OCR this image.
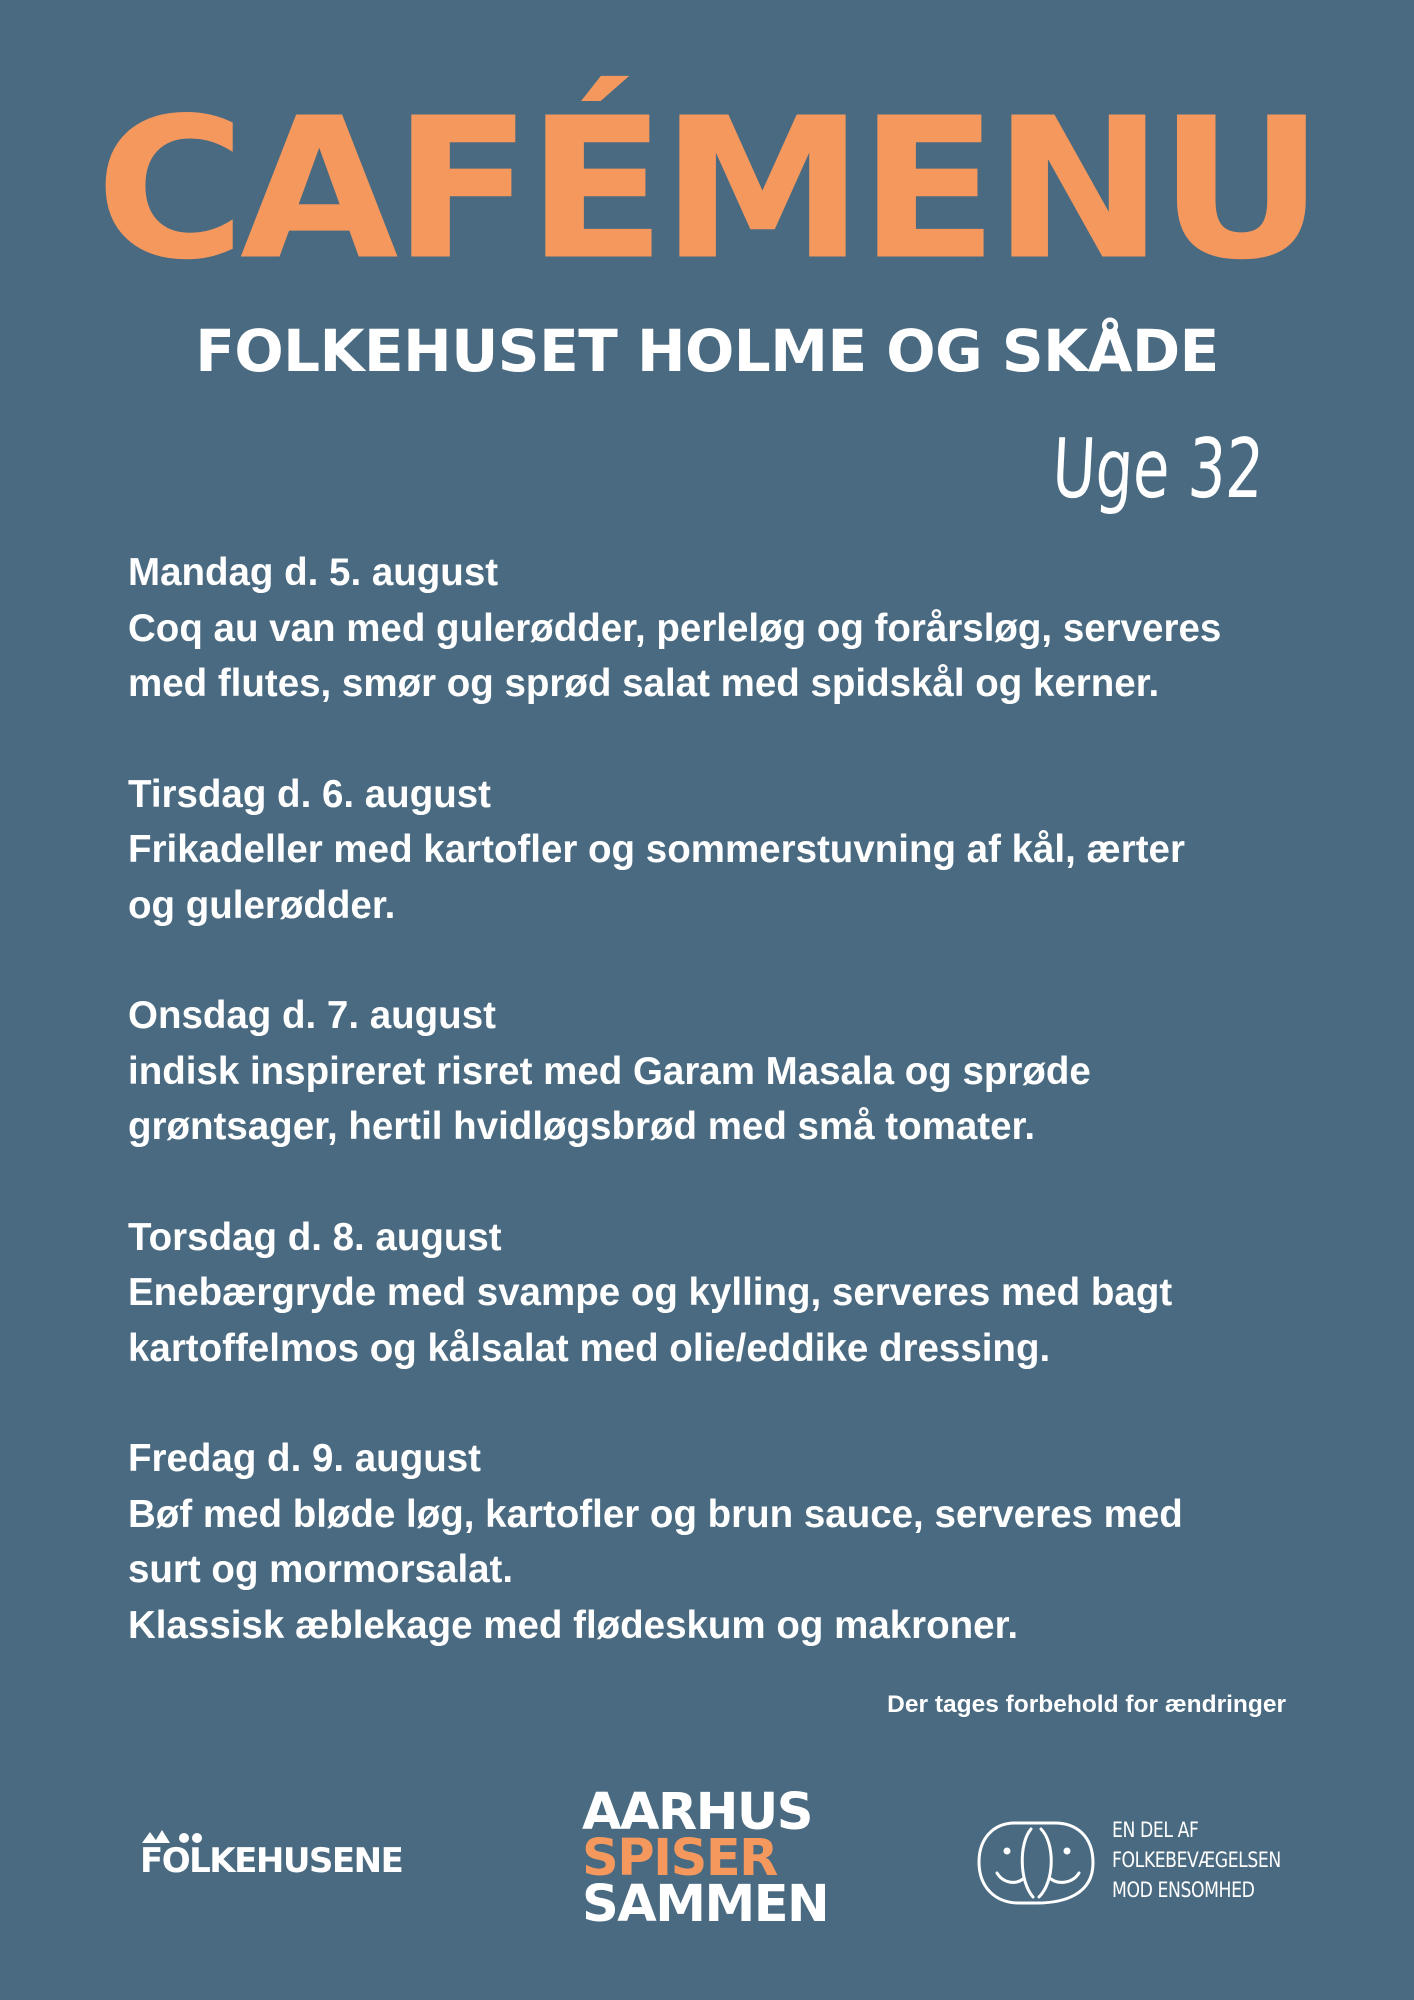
CAFÉMENU
FOLKEHUSET HOLME OG SKÅDE
Uge 32
Mandag d. 5. august
Coq au van med gulerødder, perleløg og forårsløg, serveres
med flutes, smør og sprød salat med spidskål og kerner.
Tirsdag d. 6. august
Frikadeller med kartofler og sommerstuvning af kål, ærter
og gulerødder.
Onsdag d. 7. august
indisk inspireret risret med Garam Masala og sprøde
grøntsager, hertil hvidløgsbrød med små tomater.
Torsdag d. 8. august
Enebærgryde med svampe og kylling, serveres med bagt
kartoffelmos og kålsalat med olie/eddike dressing.
Fredag d. 9. august
Bøf med bløde løg, kartofler og brun sauce, serveres med
surt og mormorsalat.
Klassisk æblekage med flødeskum og makroner.
Der tages forbehold for ændringer
FOLKEHUSENE
AARHUS
SPISER
SAMMEN
EN DEL AF
FOLKEBEVÆGELSEN
MOD ENSOMHED
